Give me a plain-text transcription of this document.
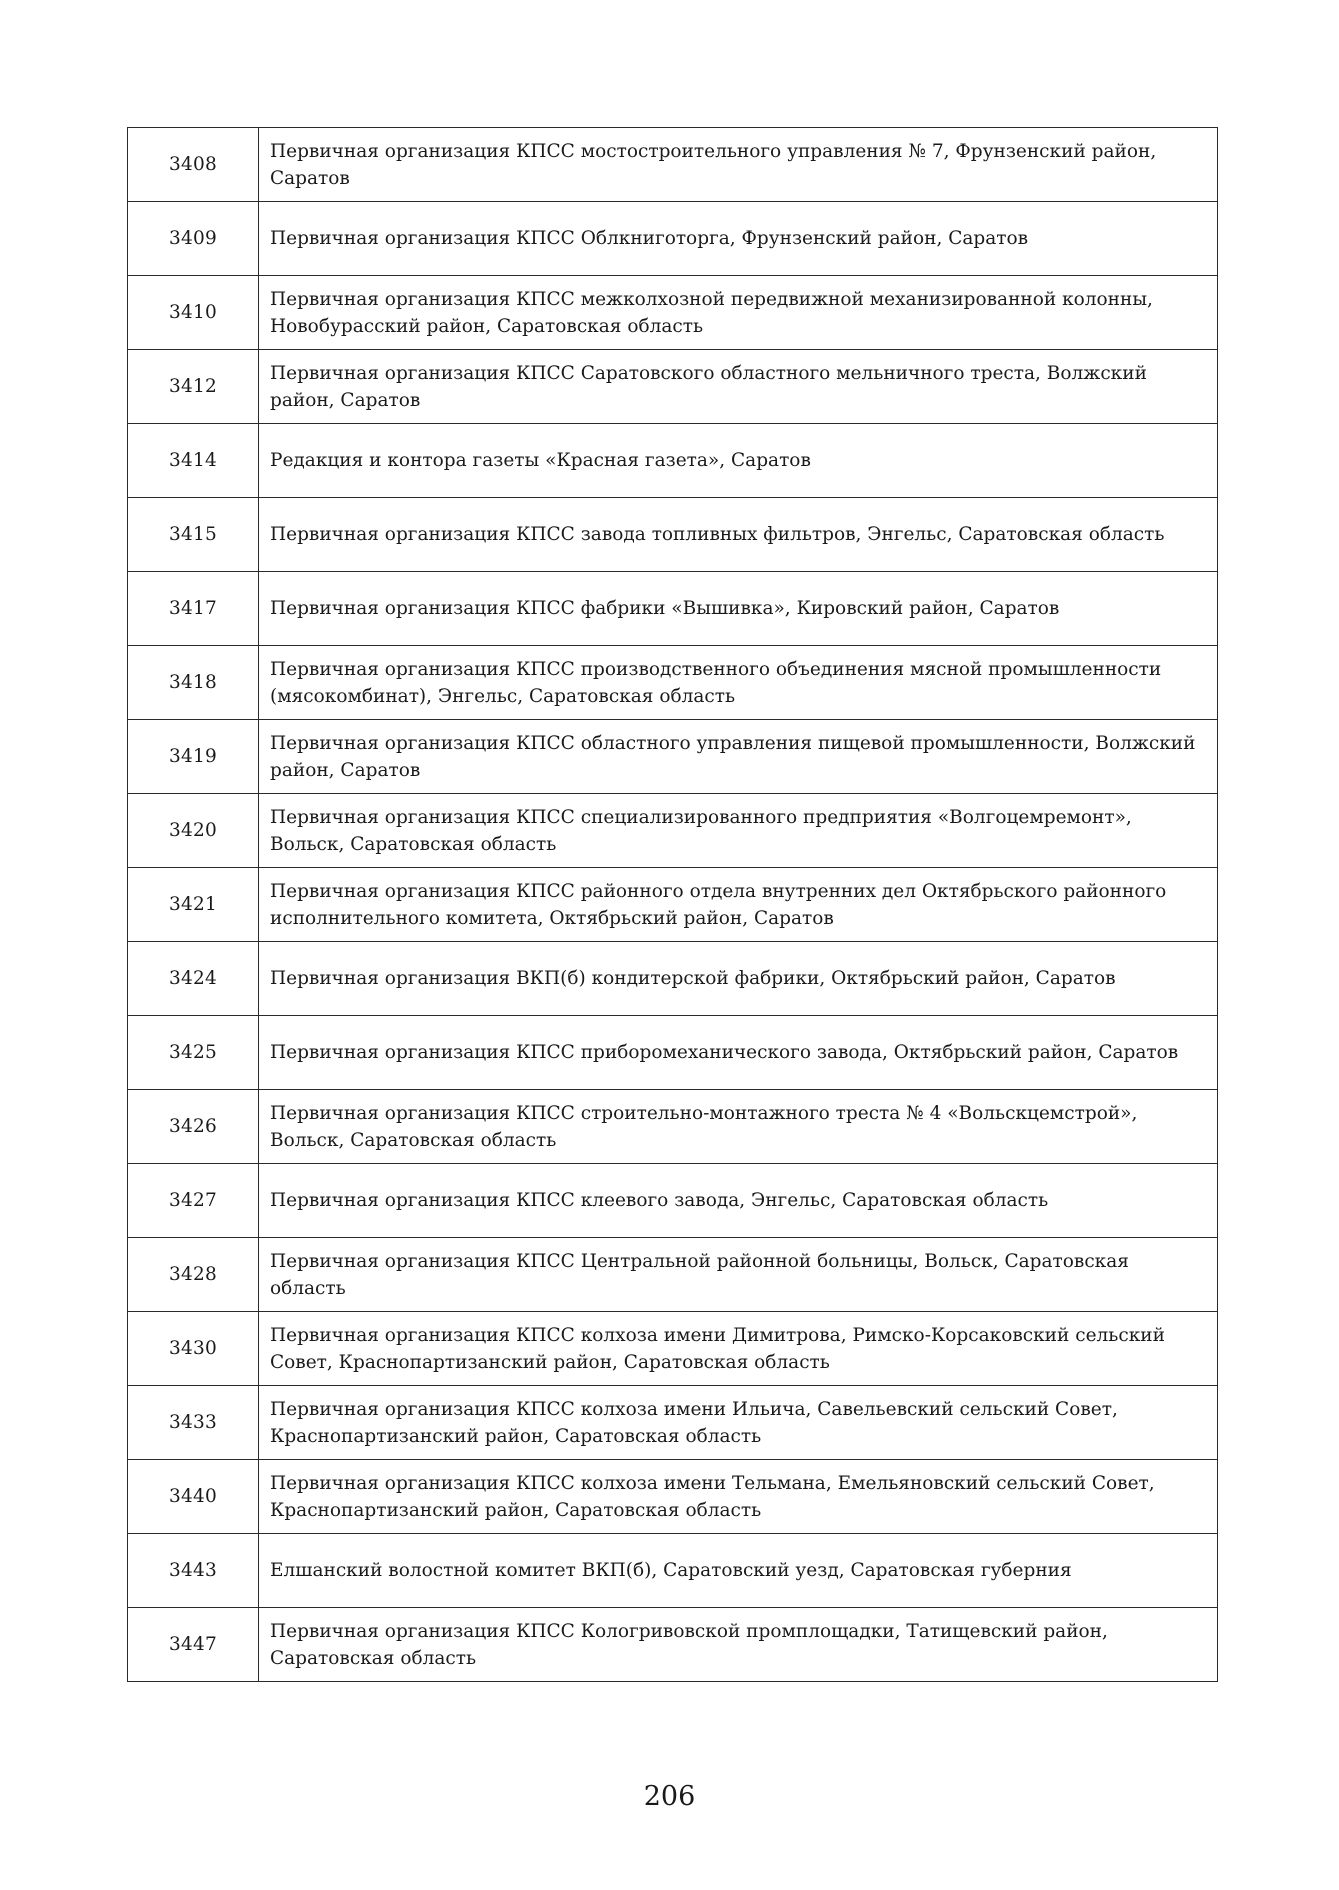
3408	Первичная организация КПСС мостостроительного управления № 7, Фрунзенский район, Саратов
3409	Первичная организация КПСС Облкниготорга, Фрунзенский район, Саратов
3410	Первичная организация КПСС межколхозной передвижной механизированной колонны, Новобурасский район, Саратовская область
3412	Первичная организация КПСС Саратовского областного мельничного треста, Волжский район, Саратов
3414	Редакция и контора газеты «Красная газета», Саратов
3415	Первичная организация КПСС завода топливных фильтров, Энгельс, Саратовская область
3417	Первичная организация КПСС фабрики «Вышивка», Кировский район, Саратов
3418	Первичная организация КПСС производственного объединения мясной промышленности (мясокомбинат), Энгельс, Саратовская область
3419	Первичная организация КПСС областного управления пищевой промышленности, Волжский район, Саратов
3420	Первичная организация КПСС специализированного предприятия «Волгоцемремонт», Вольск, Саратовская область
3421	Первичная организация КПСС районного отдела внутренних дел Октябрьского районного исполнительного комитета, Октябрьский район, Саратов
3424	Первичная организация ВКП(б) кондитерской фабрики, Октябрьский район, Саратов
3425	Первичная организация КПСС приборомеханического завода, Октябрьский район, Саратов
3426	Первичная организация КПСС строительно-монтажного треста № 4 «Вольскцемстрой», Вольск, Саратовская область
3427	Первичная организация КПСС клеевого завода, Энгельс, Саратовская область
3428	Первичная организация КПСС Центральной районной больницы, Вольск, Саратовская область
3430	Первичная организация КПСС колхоза имени Димитрова, Римско-Корсаковский сельский Совет, Краснопартизанский район, Саратовская область
3433	Первичная организация КПСС колхоза имени Ильича, Савельевский сельский Совет, Краснопартизанский район, Саратовская область
3440	Первичная организация КПСС колхоза имени Тельмана, Емельяновский сельский Совет, Краснопартизанский район, Саратовская область
3443	Елшанский волостной комитет ВКП(б), Саратовский уезд, Саратовская губерния
3447	Первичная организация КПСС Кологривовской промплощадки, Татищевский район, Саратовская область
206
